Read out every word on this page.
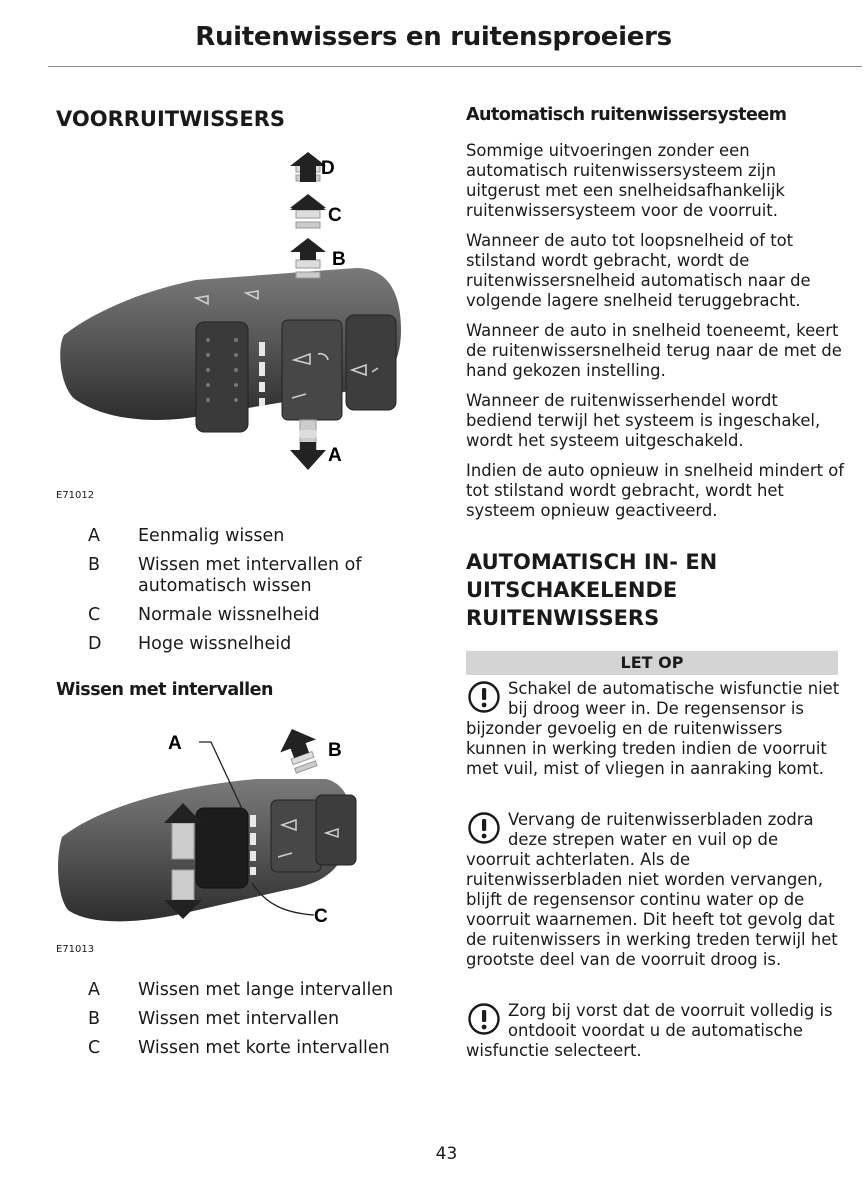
Ruitenwissers en ruitensproeiers
VOORRUITWISSERS
D
C
B
A
E71012
A	Eenmalig wissen
B	Wissen met intervallen of automatisch wissen
C	Normale wissnelheid
D	Hoge wissnelheid
Wissen met intervallen
A	B
C
E71013
A	Wissen met lange intervallen
B	Wissen met intervallen
C	Wissen met korte intervallen
Automatisch ruitenwissersysteem

Sommige uitvoeringen zonder een automatisch ruitenwissersysteem zijn uitgerust met een snelheidsafhankelijk ruitenwissersysteem voor de voorruit.

Wanneer de auto tot loopsnelheid of tot stilstand wordt gebracht, wordt de ruitenwissersnelheid automatisch naar de volgende lagere snelheid teruggebracht.

Wanneer de auto in snelheid toeneemt, keert de ruitenwissersnelheid terug naar de met de hand gekozen instelling.

Wanneer de ruitenwisserhendel wordt bediend terwijl het systeem is ingeschakel, wordt het systeem uitgeschakeld.

Indien de auto opnieuw in snelheid mindert of tot stilstand wordt gebracht, wordt het systeem opnieuw geactiveerd.

AUTOMATISCH IN- EN
UITSCHAKELENDE
RUITENWISSERS
LET OP
Schakel de automatische wisfunctie niet bij droog weer in. De regensensor is bijzonder gevoelig en de ruitenwissers kunnen in werking treden indien de voorruit met vuil, mist of vliegen in aanraking komt.
Vervang de ruitenwisserbladen zodra deze strepen water en vuil op de voorruit achterlaten. Als de ruitenwisserbladen niet worden vervangen, blijft de regensensor continu water op de voorruit waarnemen. Dit heeft tot gevolg dat de ruitenwissers in werking treden terwijl het grootste deel van de voorruit droog is.
Zorg bij vorst dat de voorruit volledig is ontdooit voordat u de automatische wisfunctie selecteert.
43
